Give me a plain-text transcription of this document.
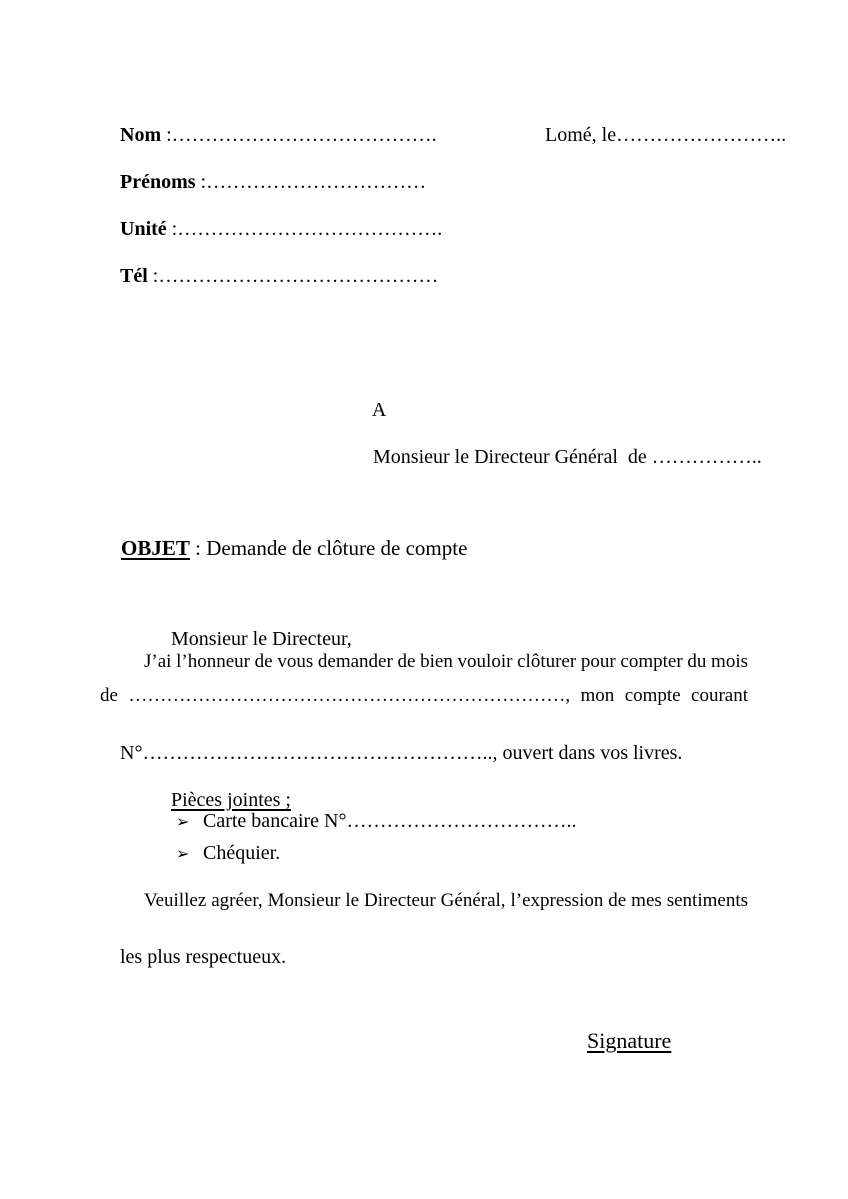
Nom :………………………………….
	Lomé, le……………………..

Prénoms :……………………………

Unité :………………………………….

Tél :……………………………………

A

Monsieur le Directeur Général  de ……………..

OBJET : Demande de clôture de compte

Monsieur le Directeur,

J’ai l’honneur de vous demander de bien vouloir clôturer pour compter du mois
de ……………………………………………………………, mon compte courant

N°…………………………………………….., ouvert dans vos livres.

Pièces jointes ;

➢ Carte bancaire N°……………………………..
➢ Chéquier.
Veuillez agréer, Monsieur le Directeur Général, l’expression de mes sentiments

les plus respectueux.

Signature
